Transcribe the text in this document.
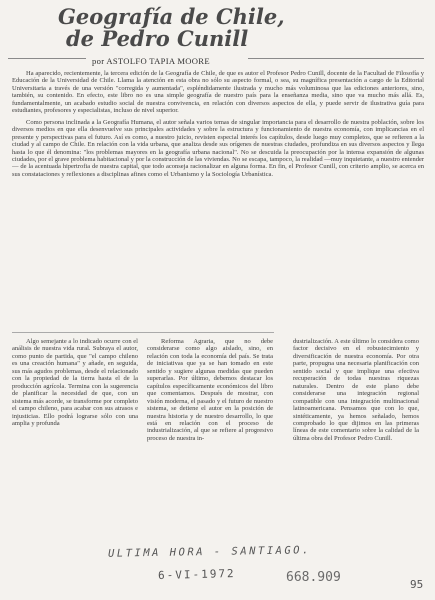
Geografía de Chile,
de Pedro Cunill
por ASTOLFO TAPIA MOORE

Ha aparecido, recientemente, la tercera edición de la Geografía de Chile, de que es autor el Profesor Pedro Cunill, docente de la Facultad de Filosofía y Educación de la Universidad de Chile. Llama la atención en esta obra no sólo su aspecto formal, o sea, su magnífica presentación a cargo de la Editorial Universitaria a través de una versión "corregida y aumentada", espléndidamente ilustrada y mucho más voluminosa que las ediciones anteriores, sino, también, su contenido. En efecto, este libro no es una simple geografía de nuestro país para la enseñanza media, sino que va mucho más allá. Es, fundamentalmente, un acabado estudio social de nuestra convivencia, en relación con diversos aspectos de ella, y puede servir de ilustrativa guía para estudiantes, profesores y especialistas, incluso de nivel superior.

Como persona inclinada a la Geografía Humana, el autor señala varios temas de singular importancia para el desarrollo de nuestra población, sobre los diversos medios en que ella desenvuelve sus principales actividades y sobre la estructura y funcionamiento de nuestra economía, con implicancias en el presente y perspectivas para el futuro. Así es como, a nuestro juicio, revisten especial interés los capítulos, desde luego muy completos, que se refieren a la ciudad y al campo de Chile. En relación con la vida urbana, que analiza desde sus orígenes de nuestras ciudades, profundiza en sus diversos aspectos y llega hasta lo que él denomina: "los problemas mayores en la geografía urbana nacional". No se descuida la preocupación por la intensa expansión de algunas ciudades, por el grave problema habitacional y por la construcción de las viviendas. No se escapa, tampoco, la realidad —muy inquietante, a nuestro entender— de la acentuada hipertrofia de nuestra capital, que todo aconseja racionalizar en alguna forma. En fin, el Profesor Cunill, con criterio amplio, se acerca en sus constataciones y reflexiones a disciplinas afines como el Urbanismo y la Sociología Urbanística.

Algo semejante a lo indicado ocurre con el análisis de nuestra vida rural. Subraya el autor, como punto de partida, que "el campo chileno es una creación humana" y añade, en seguida, sus más agudos problemas, desde el relacionado con la propiedad de la tierra hasta el de la producción agrícola. Termina con la sugerencia de planificar la necesidad de que, con un sistema más acorde, se transforme por completo el campo chileno, para acabar con sus atrasos e injusticias. Ello podrá lograrse sólo con una amplia y profunda

Reforma Agraria, que no debe considerarse como algo aislado, sino, en relación con toda la economía del país. Se trata de iniciativas que ya se han tomado en este sentido y sugiere algunas medidas que pueden superarlas. Por último, debemos destacar los capítulos específicamente económicos del libro que comentamos. Después de mostrar, con visión moderna, el pasado y el futuro de nuestro sistema, se detiene el autor en la posición de nuestra historia y de nuestro desarrollo, lo que está en relación con el proceso de industrialización, al que se refiere al progresivo proceso de nuestra in-

dustrialización. A este último lo considera como factor decisivo en el robustecimiento y diversificación de nuestra economía. Por otra parte, propugna una necesaria planificación con sentido social y que implique una efectiva recuperación de todas nuestras riquezas naturales. Dentro de este plano debe considerarse una integración regional compatible con una integración multinacional latinoamericana. Pensamos que con lo que, sintéticamente, ya hemos señalado, hemos comprobado lo que dijimos en las primeras líneas de este comentario sobre la calidad de la última obra del Profesor Pedro Cunill.

ULTIMA HORA - SANTIAGO.
6-VI-1972	668.909	95
